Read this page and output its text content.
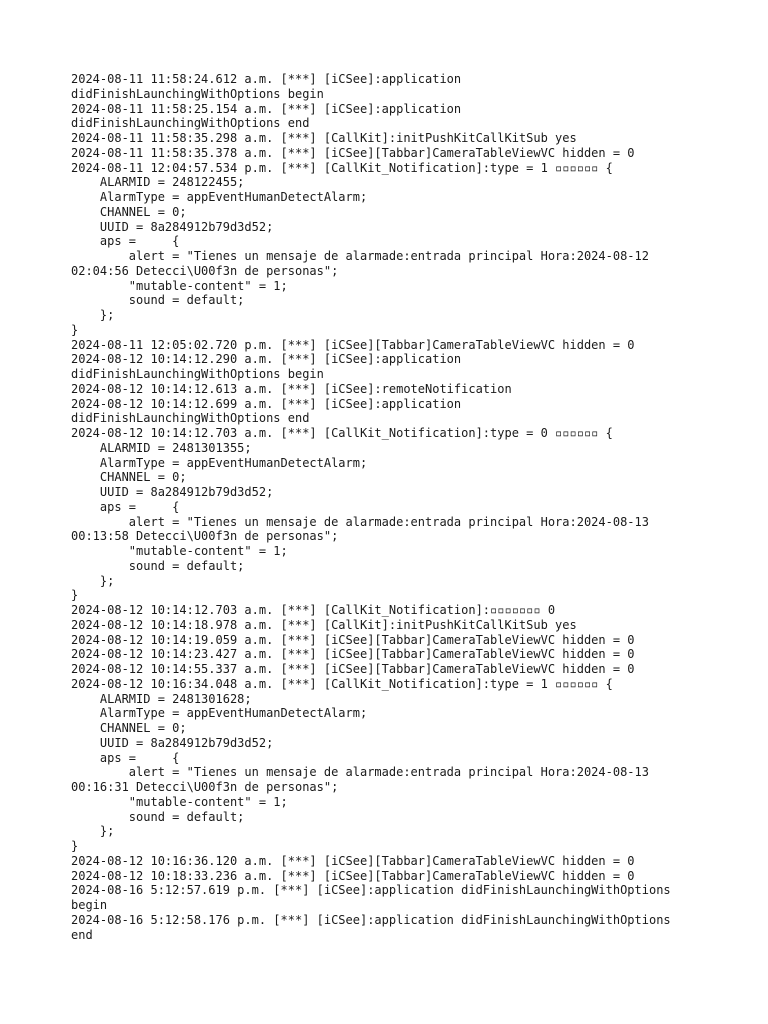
2024-08-11 11:58:24.612 a.m. [***] [iCSee]:application
didFinishLaunchingWithOptions begin
2024-08-11 11:58:25.154 a.m. [***] [iCSee]:application
didFinishLaunchingWithOptions end
2024-08-11 11:58:35.298 a.m. [***] [CallKit]:initPushKitCallKitSub yes
2024-08-11 11:58:35.378 a.m. [***] [iCSee][Tabbar]CameraTableViewVC hidden = 0
2024-08-11 12:04:57.534 p.m. [***] [CallKit_Notification]:type = 1 ▫▫▫▫▫▫ {
ALARMID = 248122455;
AlarmType = appEventHumanDetectAlarm;
CHANNEL = 0;
UUID = 8a284912b79d3d52;
aps =     {
alert = "Tienes un mensaje de alarmade:entrada principal Hora:2024-08-12
02:04:56 Detecci\U00f3n de personas";
"mutable-content" = 1;
sound = default;
};
}
2024-08-11 12:05:02.720 p.m. [***] [iCSee][Tabbar]CameraTableViewVC hidden = 0
2024-08-12 10:14:12.290 a.m. [***] [iCSee]:application
didFinishLaunchingWithOptions begin
2024-08-12 10:14:12.613 a.m. [***] [iCSee]:remoteNotification
2024-08-12 10:14:12.699 a.m. [***] [iCSee]:application
didFinishLaunchingWithOptions end
2024-08-12 10:14:12.703 a.m. [***] [CallKit_Notification]:type = 0 ▫▫▫▫▫▫ {
ALARMID = 2481301355;
AlarmType = appEventHumanDetectAlarm;
CHANNEL = 0;
UUID = 8a284912b79d3d52;
aps =     {
alert = "Tienes un mensaje de alarmade:entrada principal Hora:2024-08-13
00:13:58 Detecci\U00f3n de personas";
"mutable-content" = 1;
sound = default;
};
}
2024-08-12 10:14:12.703 a.m. [***] [CallKit_Notification]:▫▫▫▫▫▫▫ 0
2024-08-12 10:14:18.978 a.m. [***] [CallKit]:initPushKitCallKitSub yes
2024-08-12 10:14:19.059 a.m. [***] [iCSee][Tabbar]CameraTableViewVC hidden = 0
2024-08-12 10:14:23.427 a.m. [***] [iCSee][Tabbar]CameraTableViewVC hidden = 0
2024-08-12 10:14:55.337 a.m. [***] [iCSee][Tabbar]CameraTableViewVC hidden = 0
2024-08-12 10:16:34.048 a.m. [***] [CallKit_Notification]:type = 1 ▫▫▫▫▫▫ {
ALARMID = 2481301628;
AlarmType = appEventHumanDetectAlarm;
CHANNEL = 0;
UUID = 8a284912b79d3d52;
aps =     {
alert = "Tienes un mensaje de alarmade:entrada principal Hora:2024-08-13
00:16:31 Detecci\U00f3n de personas";
"mutable-content" = 1;
sound = default;
};
}
2024-08-12 10:16:36.120 a.m. [***] [iCSee][Tabbar]CameraTableViewVC hidden = 0
2024-08-12 10:18:33.236 a.m. [***] [iCSee][Tabbar]CameraTableViewVC hidden = 0
2024-08-16 5:12:57.619 p.m. [***] [iCSee]:application didFinishLaunchingWithOptions
begin
2024-08-16 5:12:58.176 p.m. [***] [iCSee]:application didFinishLaunchingWithOptions
end
